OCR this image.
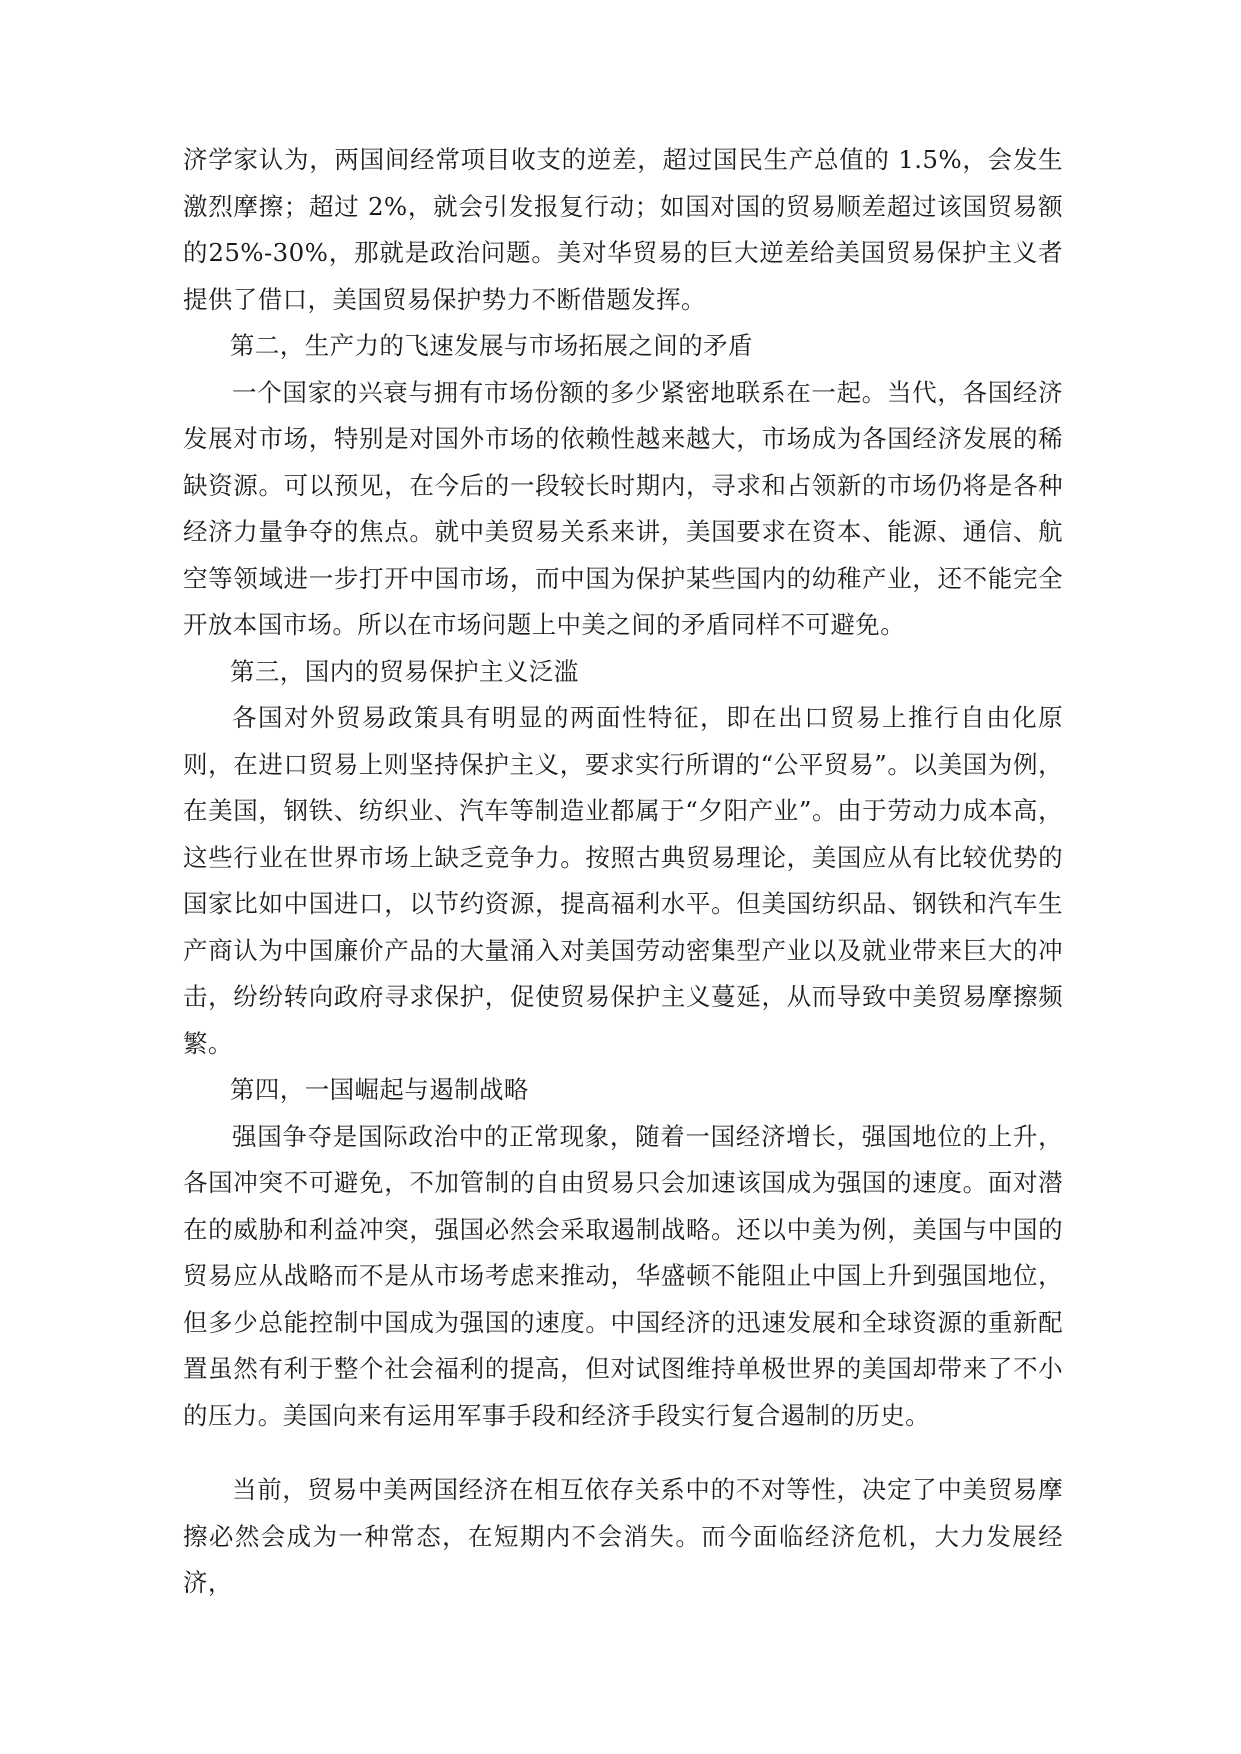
济学家认为，两国间经常项目收支的逆差，超过国民生产总值的 1.5%，会发生激烈摩擦；超过 2%，就会引发报复行动；如国对国的贸易顺差超过该国贸易额的25%-30%，那就是政治问题。美对华贸易的巨大逆差给美国贸易保护主义者提供了借口，美国贸易保护势力不断借题发挥。

第二，生产力的飞速发展与市场拓展之间的矛盾

一个国家的兴衰与拥有市场份额的多少紧密地联系在一起。当代，各国经济发展对市场，特别是对国外市场的依赖性越来越大，市场成为各国经济发展的稀缺资源。可以预见，在今后的一段较长时期内，寻求和占领新的市场仍将是各种经济力量争夺的焦点。就中美贸易关系来讲，美国要求在资本、能源、通信、航空等领域进一步打开中国市场，而中国为保护某些国内的幼稚产业，还不能完全开放本国市场。所以在市场问题上中美之间的矛盾同样不可避免。

第三，国内的贸易保护主义泛滥

各国对外贸易政策具有明显的两面性特征，即在出口贸易上推行自由化原则，在进口贸易上则坚持保护主义，要求实行所谓的“公平贸易”。以美国为例，在美国，钢铁、纺织业、汽车等制造业都属于“夕阳产业”。由于劳动力成本高，这些行业在世界市场上缺乏竞争力。按照古典贸易理论，美国应从有比较优势的国家比如中国进口，以节约资源，提高福利水平。但美国纺织品、钢铁和汽车生产商认为中国廉价产品的大量涌入对美国劳动密集型产业以及就业带来巨大的冲击，纷纷转向政府寻求保护，促使贸易保护主义蔓延，从而导致中美贸易摩擦频繁。

第四，一国崛起与遏制战略

强国争夺是国际政治中的正常现象，随着一国经济增长，强国地位的上升，各国冲突不可避免，不加管制的自由贸易只会加速该国成为强国的速度。面对潜在的威胁和利益冲突，强国必然会采取遏制战略。还以中美为例，美国与中国的贸易应从战略而不是从市场考虑来推动，华盛顿不能阻止中国上升到强国地位，但多少总能控制中国成为强国的速度。中国经济的迅速发展和全球资源的重新配置虽然有利于整个社会福利的提高，但对试图维持单极世界的美国却带来了不小的压力。美国向来有运用军事手段和经济手段实行复合遏制的历史。

当前，贸易中美两国经济在相互依存关系中的不对等性，决定了中美贸易摩擦必然会成为一种常态，在短期内不会消失。而今面临经济危机，大力发展经济，
